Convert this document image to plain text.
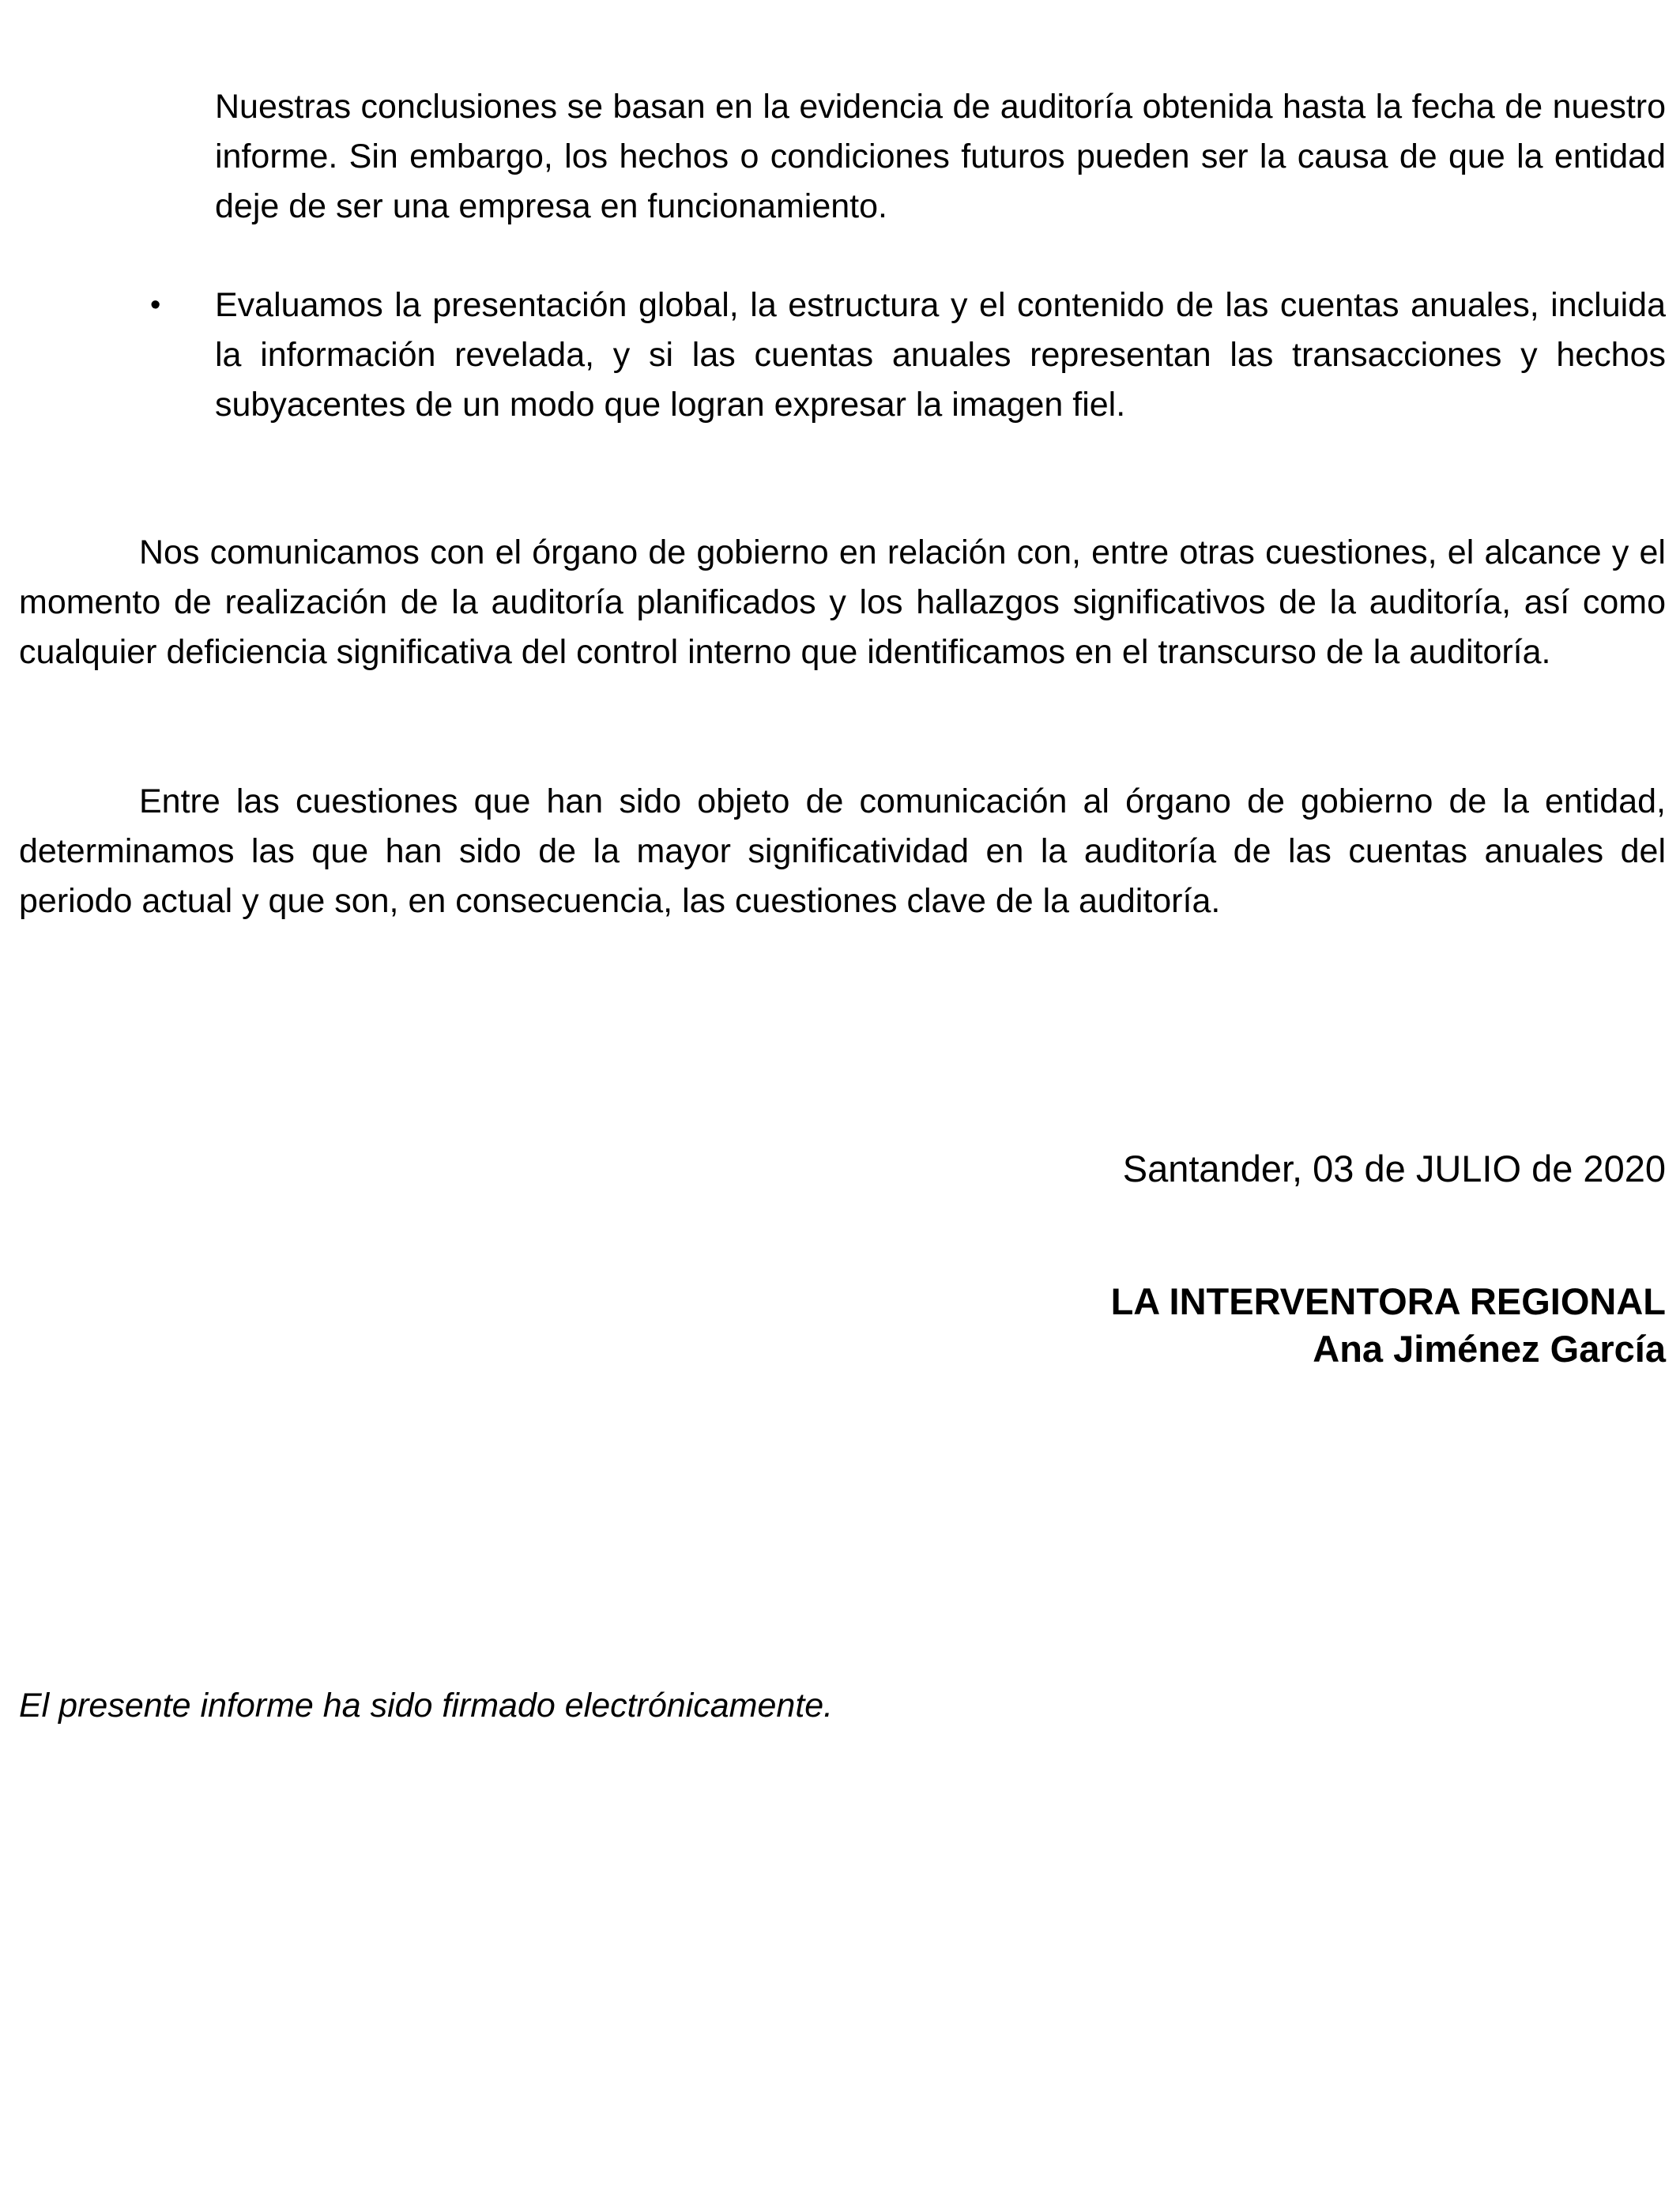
Nuestras conclusiones se basan en la evidencia de auditoría obtenida hasta la fecha de nuestro informe. Sin embargo, los hechos o condiciones futuros pueden ser la causa de que la entidad deje de ser una empresa en funcionamiento.
•	Evaluamos la presentación global, la estructura y el contenido de las cuentas anuales, incluida la información revelada, y si las cuentas anuales representan las transacciones y hechos subyacentes de un modo que logran expresar la imagen fiel.
Nos comunicamos con el órgano de gobierno en relación con, entre otras cuestiones, el alcance y el momento de realización de la auditoría planificados y los hallazgos significativos de la auditoría, así como cualquier deficiencia significativa del control interno que identificamos en el transcurso de la auditoría.
Entre las cuestiones que han sido objeto de comunicación al órgano de gobierno de la entidad, determinamos las que han sido de la mayor significatividad en la auditoría de las cuentas anuales del periodo actual y que son, en consecuencia, las cuestiones clave de la auditoría.
Santander, 03 de JULIO de 2020
LA INTERVENTORA REGIONAL
Ana Jiménez García
El presente informe ha sido firmado electrónicamente.
